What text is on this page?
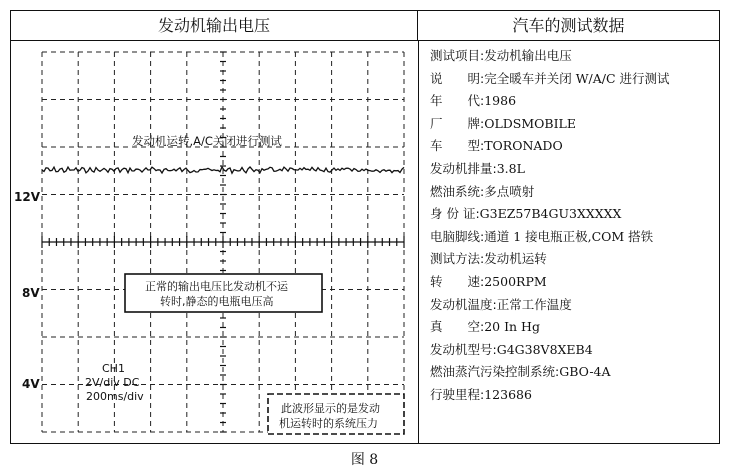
发动机输出电压	汽车的测试数据
12V
8V
4V
发动机运转,A/C关闭进行测试
正常的输出电压比发动机不运
转时,静态的电瓶电压高
CH1
2V/div DC
200ms/div
此波形显示的是发动
机运转时的系统压力
测试项目:发动机输出电压
说　　明:完全暖车并关闭 W/A/C 进行测试
年　　代:1986
厂　　牌:OLDSMOBILE
车　　型:TORONADO
发动机排量:3.8L
燃油系统:多点喷射
身 份 证:G3EZ57B4GU3XXXXX
电脑脚线:通道 1 接电瓶正极,COM 搭铁
测试方法:发动机运转
转　　速:2500RPM
发动机温度:正常工作温度
真　　空:20 In Hg
发动机型号:G4G38V8XEB4
燃油蒸汽污染控制系统:GBO-4A
行驶里程:123686
图 8
